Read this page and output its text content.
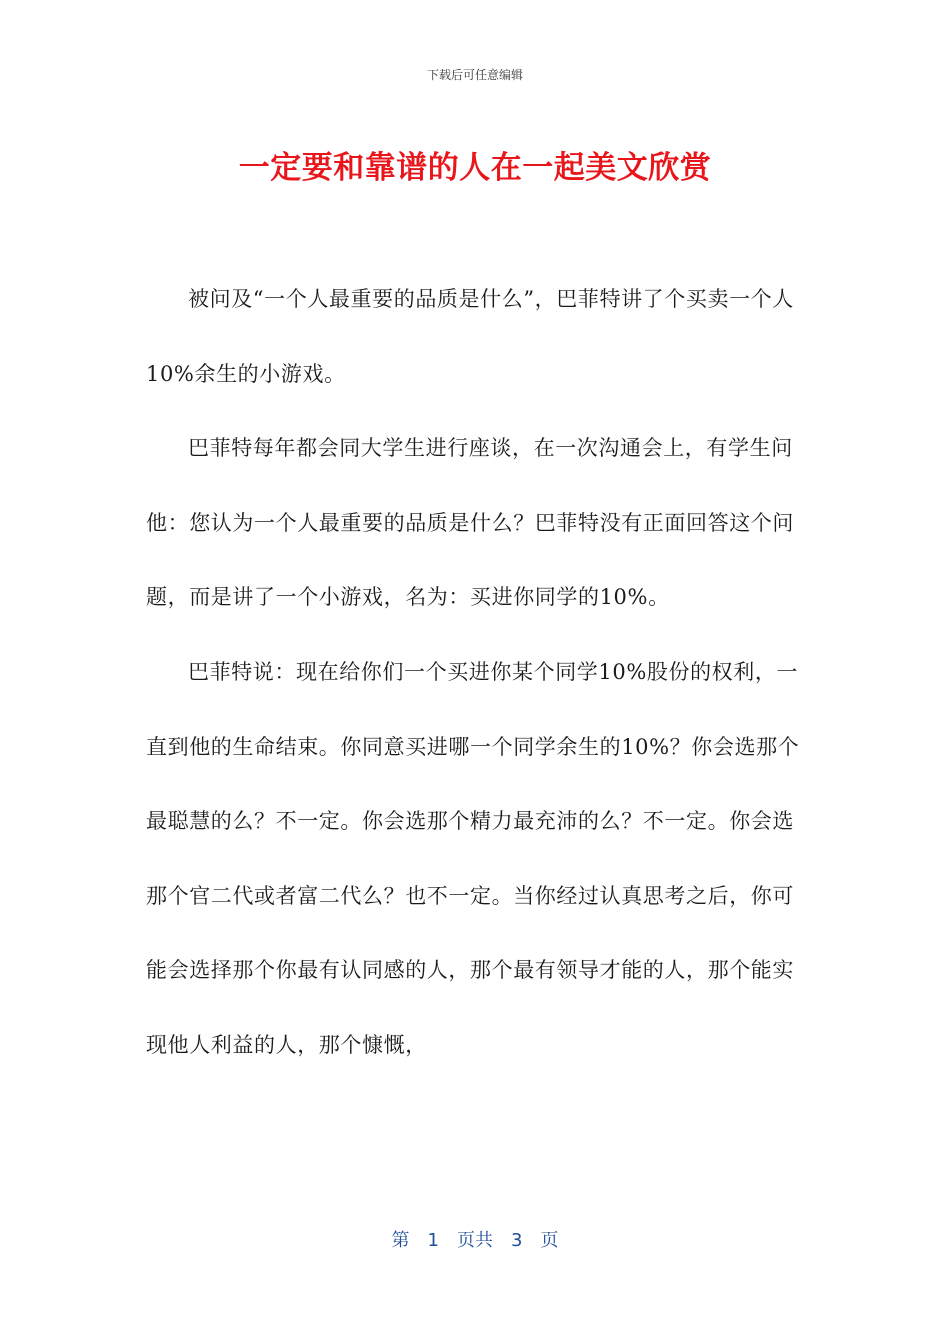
下载后可任意编辑
一定要和靠谱的人在一起美文欣赏

被问及“一个人最重要的品质是什么”，巴菲特讲了个买卖一个人10%余生的小游戏。

巴菲特每年都会同大学生进行座谈，在一次沟通会上，有学生问他：您认为一个人最重要的品质是什么？巴菲特没有正面回答这个问题，而是讲了一个小游戏，名为：买进你同学的10%。

巴菲特说：现在给你们一个买进你某个同学10%股份的权利，一直到他的生命结束。你同意买进哪一个同学余生的10%？你会选那个最聪慧的么？不一定。你会选那个精力最充沛的么？不一定。你会选那个官二代或者富二代么？也不一定。当你经过认真思考之后，你可能会选择那个你最有认同感的人，那个最有领导才能的人，那个能实现他人利益的人，那个慷慨，

第　1　页共　3　页
